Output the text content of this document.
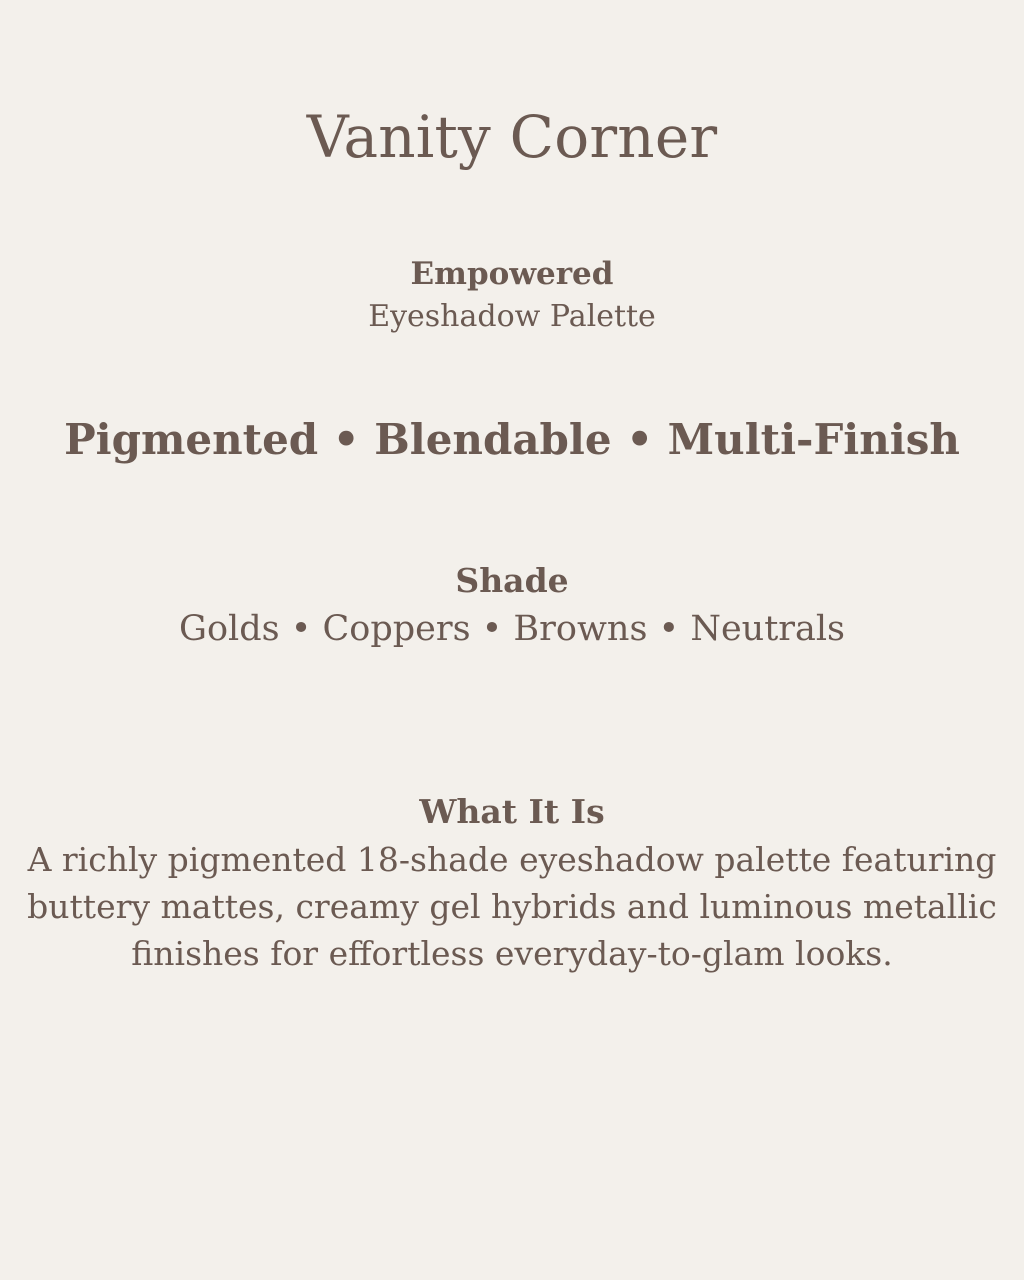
Vanity Corner
Empowered
Eyeshadow Palette
Pigmented • Blendable • Multi-Finish
Shade
Golds • Coppers • Browns • Neutrals
What It Is

A richly pigmented 18-shade eyeshadow palette featuring buttery mattes, creamy gel hybrids and luminous metallic finishes for effortless everyday-to-glam looks.
